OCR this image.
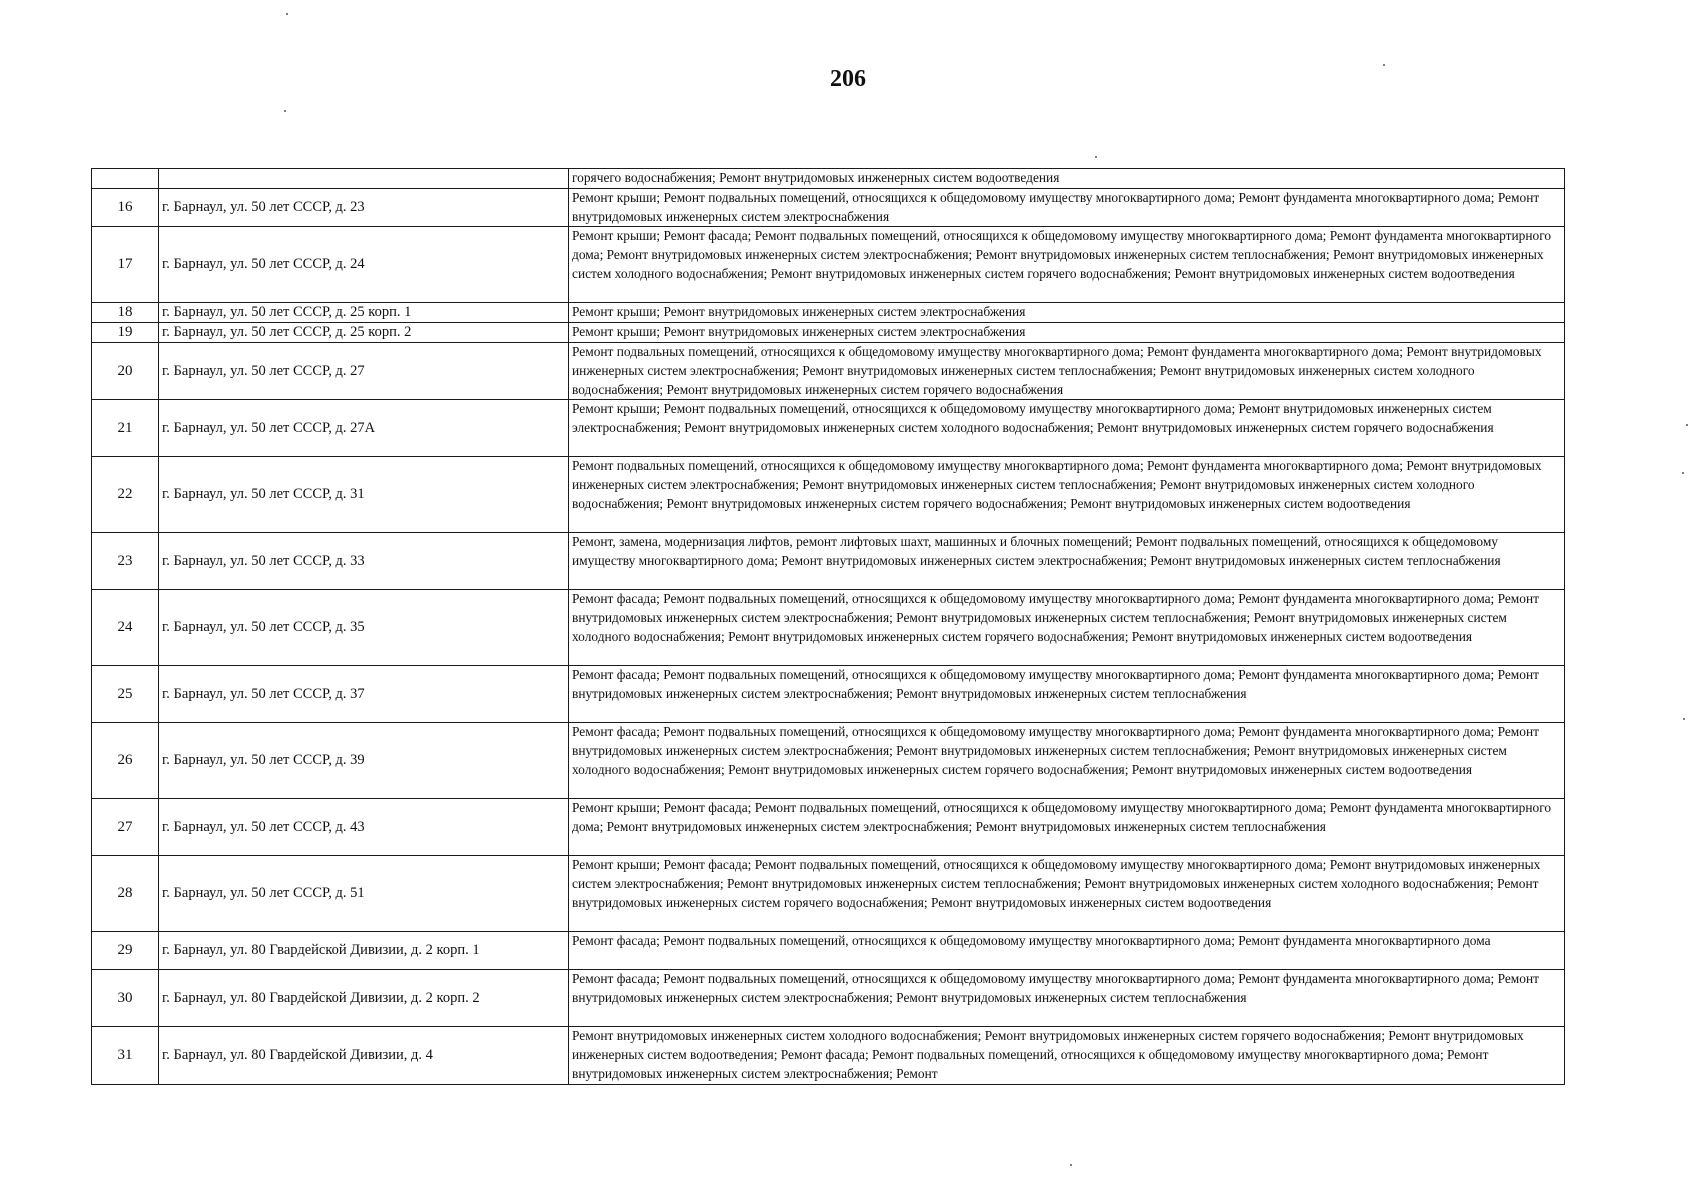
206
		горячего водоснабжения; Ремонт внутридомовых инженерных систем водоотведения
16	г. Барнаул, ул. 50 лет СССР, д. 23	Ремонт крыши; Ремонт подвальных помещений, относящихся к общедомовому имуществу многоквартирного дома; Ремонт фундамента многоквартирного дома; Ремонт внутридомовых инженерных систем электроснабжения
17	г. Барнаул, ул. 50 лет СССР, д. 24	Ремонт крыши; Ремонт фасада; Ремонт подвальных помещений, относящихся к общедомовому имуществу многоквартирного дома; Ремонт фундамента многоквартирного дома; Ремонт внутридомовых инженерных систем электроснабжения; Ремонт внутридомовых инженерных систем теплоснабжения; Ремонт внутридомовых инженерных систем холодного водоснабжения; Ремонт внутридомовых инженерных систем горячего водоснабжения; Ремонт внутридомовых инженерных систем водоотведения
18	г. Барнаул, ул. 50 лет СССР, д. 25 корп. 1	Ремонт крыши; Ремонт внутридомовых инженерных систем электроснабжения
19	г. Барнаул, ул. 50 лет СССР, д. 25 корп. 2	Ремонт крыши; Ремонт внутридомовых инженерных систем электроснабжения
20	г. Барнаул, ул. 50 лет СССР, д. 27	Ремонт подвальных помещений, относящихся к общедомовому имуществу многоквартирного дома; Ремонт фундамента многоквартирного дома; Ремонт внутридомовых инженерных систем электроснабжения; Ремонт внутридомовых инженерных систем теплоснабжения; Ремонт внутридомовых инженерных систем холодного водоснабжения; Ремонт внутридомовых инженерных систем горячего водоснабжения
21	г. Барнаул, ул. 50 лет СССР, д. 27А	Ремонт крыши; Ремонт подвальных помещений, относящихся к общедомовому имуществу многоквартирного дома; Ремонт внутридомовых инженерных систем электроснабжения; Ремонт внутридомовых инженерных систем холодного водоснабжения; Ремонт внутридомовых инженерных систем горячего водоснабжения
22	г. Барнаул, ул. 50 лет СССР, д. 31	Ремонт подвальных помещений, относящихся к общедомовому имуществу многоквартирного дома; Ремонт фундамента многоквартирного дома; Ремонт внутридомовых инженерных систем электроснабжения; Ремонт внутридомовых инженерных систем теплоснабжения; Ремонт внутридомовых инженерных систем холодного водоснабжения; Ремонт внутридомовых инженерных систем горячего водоснабжения; Ремонт внутридомовых инженерных систем водоотведения
23	г. Барнаул, ул. 50 лет СССР, д. 33	Ремонт, замена, модернизация лифтов, ремонт лифтовых шахт, машинных и блочных помещений; Ремонт подвальных помещений, относящихся к общедомовому имуществу многоквартирного дома; Ремонт внутридомовых инженерных систем электроснабжения; Ремонт внутридомовых инженерных систем теплоснабжения
24	г. Барнаул, ул. 50 лет СССР, д. 35	Ремонт фасада; Ремонт подвальных помещений, относящихся к общедомовому имуществу многоквартирного дома; Ремонт фундамента многоквартирного дома; Ремонт внутридомовых инженерных систем электроснабжения; Ремонт внутридомовых инженерных систем теплоснабжения; Ремонт внутридомовых инженерных систем холодного водоснабжения; Ремонт внутридомовых инженерных систем горячего водоснабжения; Ремонт внутридомовых инженерных систем водоотведения
25	г. Барнаул, ул. 50 лет СССР, д. 37	Ремонт фасада; Ремонт подвальных помещений, относящихся к общедомовому имуществу многоквартирного дома; Ремонт фундамента многоквартирного дома; Ремонт внутридомовых инженерных систем электроснабжения; Ремонт внутридомовых инженерных систем теплоснабжения
26	г. Барнаул, ул. 50 лет СССР, д. 39	Ремонт фасада; Ремонт подвальных помещений, относящихся к общедомовому имуществу многоквартирного дома; Ремонт фундамента многоквартирного дома; Ремонт внутридомовых инженерных систем электроснабжения; Ремонт внутридомовых инженерных систем теплоснабжения; Ремонт внутридомовых инженерных систем холодного водоснабжения; Ремонт внутридомовых инженерных систем горячего водоснабжения; Ремонт внутридомовых инженерных систем водоотведения
27	г. Барнаул, ул. 50 лет СССР, д. 43	Ремонт крыши; Ремонт фасада; Ремонт подвальных помещений, относящихся к общедомовому имуществу многоквартирного дома; Ремонт фундамента многоквартирного дома; Ремонт внутридомовых инженерных систем электроснабжения; Ремонт внутридомовых инженерных систем теплоснабжения
28	г. Барнаул, ул. 50 лет СССР, д. 51	Ремонт крыши; Ремонт фасада; Ремонт подвальных помещений, относящихся к общедомовому имуществу многоквартирного дома; Ремонт внутридомовых инженерных систем электроснабжения; Ремонт внутридомовых инженерных систем теплоснабжения; Ремонт внутридомовых инженерных систем холодного водоснабжения; Ремонт внутридомовых инженерных систем горячего водоснабжения; Ремонт внутридомовых инженерных систем водоотведения
29	г. Барнаул, ул. 80 Гвардейской Дивизии, д. 2 корп. 1	Ремонт фасада; Ремонт подвальных помещений, относящихся к общедомовому имуществу многоквартирного дома; Ремонт фундамента многоквартирного дома
30	г. Барнаул, ул. 80 Гвардейской Дивизии, д. 2 корп. 2	Ремонт фасада; Ремонт подвальных помещений, относящихся к общедомовому имуществу многоквартирного дома; Ремонт фундамента многоквартирного дома; Ремонт внутридомовых инженерных систем электроснабжения; Ремонт внутридомовых инженерных систем теплоснабжения
31	г. Барнаул, ул. 80 Гвардейской Дивизии, д. 4	Ремонт внутридомовых инженерных систем холодного водоснабжения; Ремонт внутридомовых инженерных систем горячего водоснабжения; Ремонт внутридомовых инженерных систем водоотведения; Ремонт фасада; Ремонт подвальных помещений, относящихся к общедомовому имуществу многоквартирного дома; Ремонт внутридомовых инженерных систем электроснабжения; Ремонт
